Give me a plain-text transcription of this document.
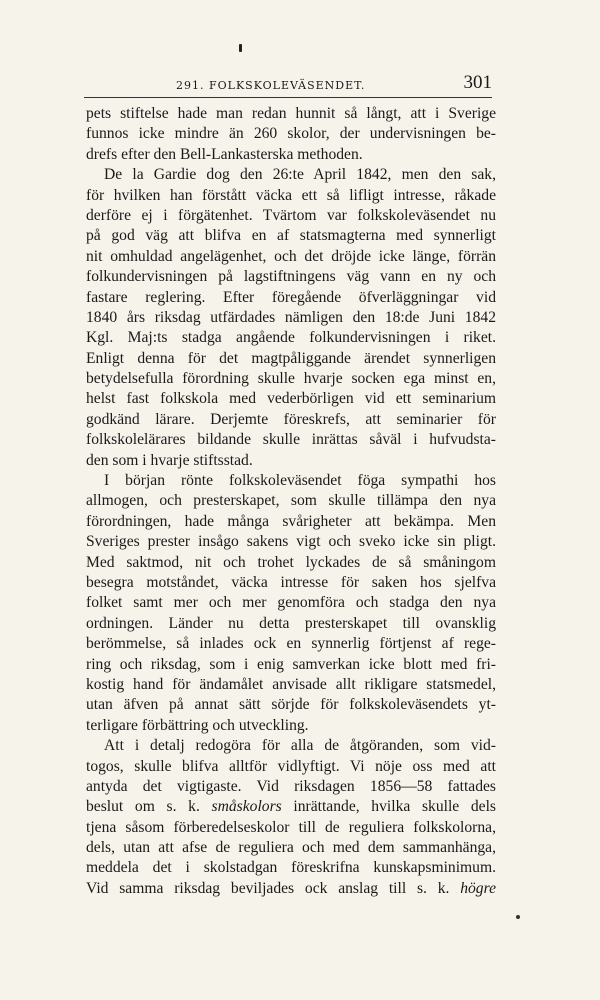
291. FOLKSKOLEVÄSENDET.	301
pets stiftelse hade man redan hunnit så långt, att i Sverige
funnos icke mindre än 260 skolor, der undervisningen be-
drefs efter den Bell-Lankasterska methoden.
De la Gardie dog den 26:te April 1842, men den sak,
för hvilken han förstått väcka ett så lifligt intresse, råkade
derföre ej i förgätenhet. Tvärtom var folkskoleväsendet nu
på god väg att blifva en af statsmagterna med synnerligt
nit omhuldad angelägenhet, och det dröjde icke länge, förrän
folkundervisningen på lagstiftningens väg vann en ny och
fastare reglering. Efter föregående öfverläggningar vid
1840 års riksdag utfärdades nämligen den 18:de Juni 1842
Kgl. Maj:ts stadga angående folkundervisningen i riket.
Enligt denna för det magtpåliggande ärendet synnerligen
betydelsefulla förordning skulle hvarje socken ega minst en,
helst fast folkskola med vederbörligen vid ett seminarium
godkänd lärare. Derjemte föreskrefs, att seminarier för
folkskolelärares bildande skulle inrättas såväl i hufvudsta-
den som i hvarje stiftsstad.
I början rönte folkskoleväsendet föga sympathi hos
allmogen, och presterskapet, som skulle tillämpa den nya
förordningen, hade många svårigheter att bekämpa. Men
Sveriges prester insågo sakens vigt och sveko icke sin pligt.
Med saktmod, nit och trohet lyckades de så småningom
besegra motståndet, väcka intresse för saken hos sjelfva
folket samt mer och mer genomföra och stadga den nya
ordningen. Länder nu detta presterskapet till ovansklig
berömmelse, så inlades ock en synnerlig förtjenst af rege-
ring och riksdag, som i enig samverkan icke blott med fri-
kostig hand för ändamålet anvisade allt rikligare statsmedel,
utan äfven på annat sätt sörjde för folkskoleväsendets yt-
terligare förbättring och utveckling.
Att i detalj redogöra för alla de åtgöranden, som vid-
togos, skulle blifva alltför vidlyftigt. Vi nöje oss med att
antyda det vigtigaste. Vid riksdagen 1856—58 fattades
beslut om s. k. småskolors inrättande, hvilka skulle dels
tjena såsom förberedelseskolor till de reguliera folkskolorna,
dels, utan att afse de reguliera och med dem sammanhänga,
meddela det i skolstadgan föreskrifna kunskapsminimum.
Vid samma riksdag beviljades ock anslag till s. k. högre
